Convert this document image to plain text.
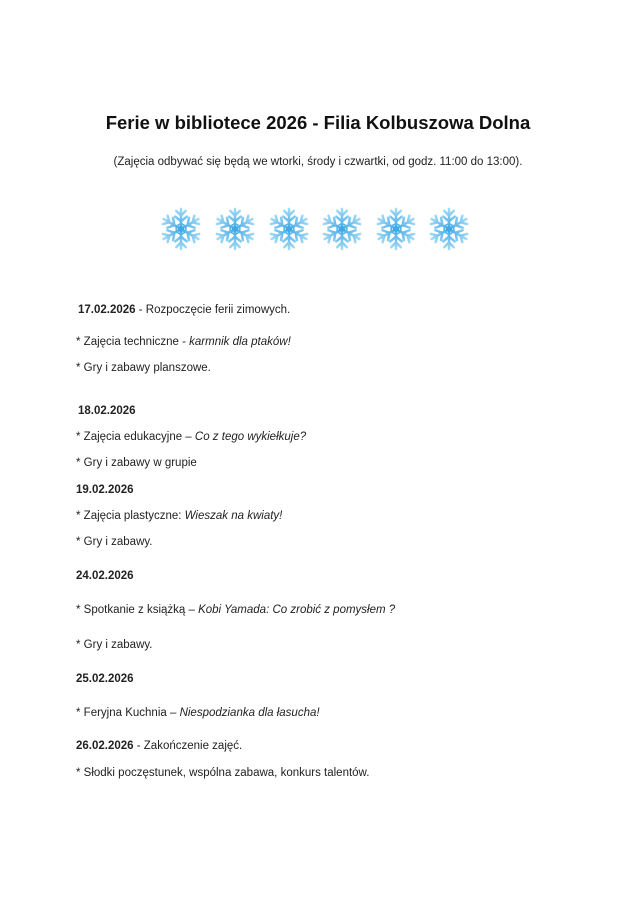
Ferie w bibliotece 2026 - Filia Kolbuszowa Dolna
(Zajęcia odbywać się będą we wtorki, środy i czwartki, od godz. 11:00 do 13:00).
17.02.2026 - Rozpoczęcie ferii zimowych.
* Zajęcia techniczne - karmnik dla ptaków!
* Gry i zabawy planszowe.
18.02.2026
* Zajęcia edukacyjne – Co z tego wykiełkuje?
* Gry i zabawy w grupie
19.02.2026
* Zajęcia plastyczne: Wieszak na kwiaty!
* Gry i zabawy.
24.02.2026
* Spotkanie z książką – Kobi Yamada: Co zrobić z pomysłem ?
* Gry i zabawy.
25.02.2026
* Feryjna Kuchnia – Niespodzianka dla łasucha!
26.02.2026 - Zakończenie zajęć.
* Słodki poczęstunek, wspólna zabawa, konkurs talentów.
